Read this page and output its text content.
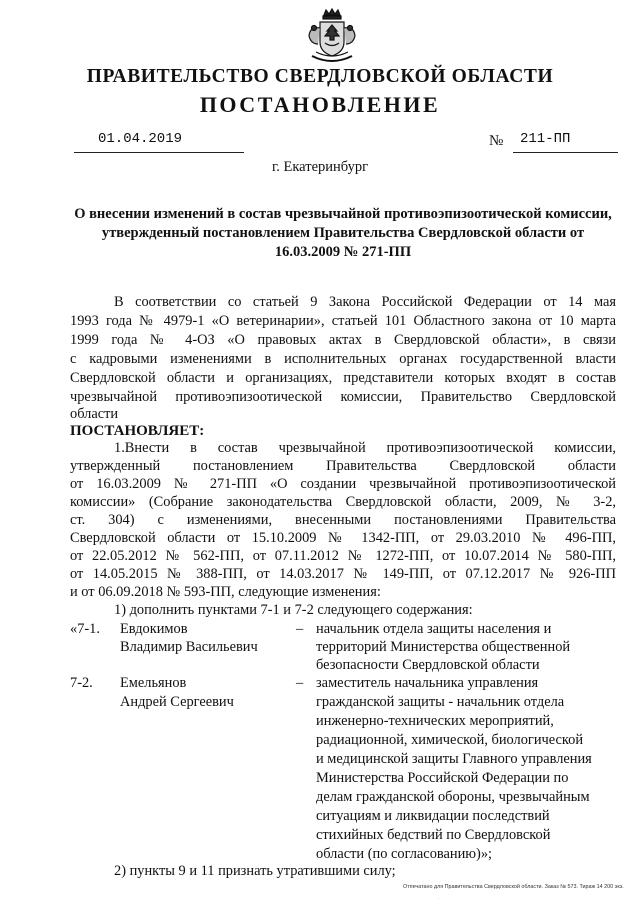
ПРАВИТЕЛЬСТВО СВЕРДЛОВСКОЙ ОБЛАСТИ
ПОСТАНОВЛЕНИЕ
01.04.2019	№ 211-ПП
г. Екатеринбург
О внесении изменений в состав чрезвычайной противоэпизоотической комиссии, утвержденный постановлением Правительства Свердловской области от 16.03.2009 № 271-ПП
В соответствии со статьей 9 Закона Российской Федерации от 14 мая
1993 года № 4979-1 «О ветеринарии», статьей 101 Областного закона от 10 марта
1999 года № 4-ОЗ «О правовых актах в Свердловской области», в связи
с кадровыми изменениями в исполнительных органах государственной власти
Свердловской области и организациях, представители которых входят в состав
чрезвычайной противоэпизоотической комиссии, Правительство Свердловской
области
ПОСТАНОВЛЯЕТ:
1.Внести в состав чрезвычайной противоэпизоотической комиссии,
утвержденный постановлением Правительства Свердловской области
от 16.03.2009 № 271-ПП «О создании чрезвычайной противоэпизоотической
комиссии» (Собрание законодательства Свердловской области, 2009, № 3-2,
ст. 304) с изменениями, внесенными постановлениями Правительства
Свердловской области от 15.10.2009 № 1342-ПП, от 29.03.2010 № 496-ПП,
от 22.05.2012 № 562-ПП, от 07.11.2012 № 1272-ПП, от 10.07.2014 № 580-ПП,
от 14.05.2015 № 388-ПП, от 14.03.2017 № 149-ПП, от 07.12.2017 № 926-ПП
и от 06.09.2018 № 593-ПП, следующие изменения:
1) дополнить пунктами 7-1 и 7-2 следующего содержания:
«7-1. Евдокимов
Владимир Васильевич
– начальник отдела защиты населения и
территорий Министерства общественной
безопасности Свердловской области
7-2. Емельянов
Андрей Сергеевич
– заместитель начальника управления
гражданской защиты - начальник отдела
инженерно-технических мероприятий,
радиационной, химической, биологической
и медицинской защиты Главного управления
Министерства Российской Федерации по
делам гражданской обороны, чрезвычайным
ситуациям и ликвидации последствий
стихийных бедствий по Свердловской
области (по согласованию)»;
2) пункты 9 и 11 признать утратившими силу;
Отпечатано для Правительства Свердловской области. Заказ № 573. Тираж 14 200 экз.
·
